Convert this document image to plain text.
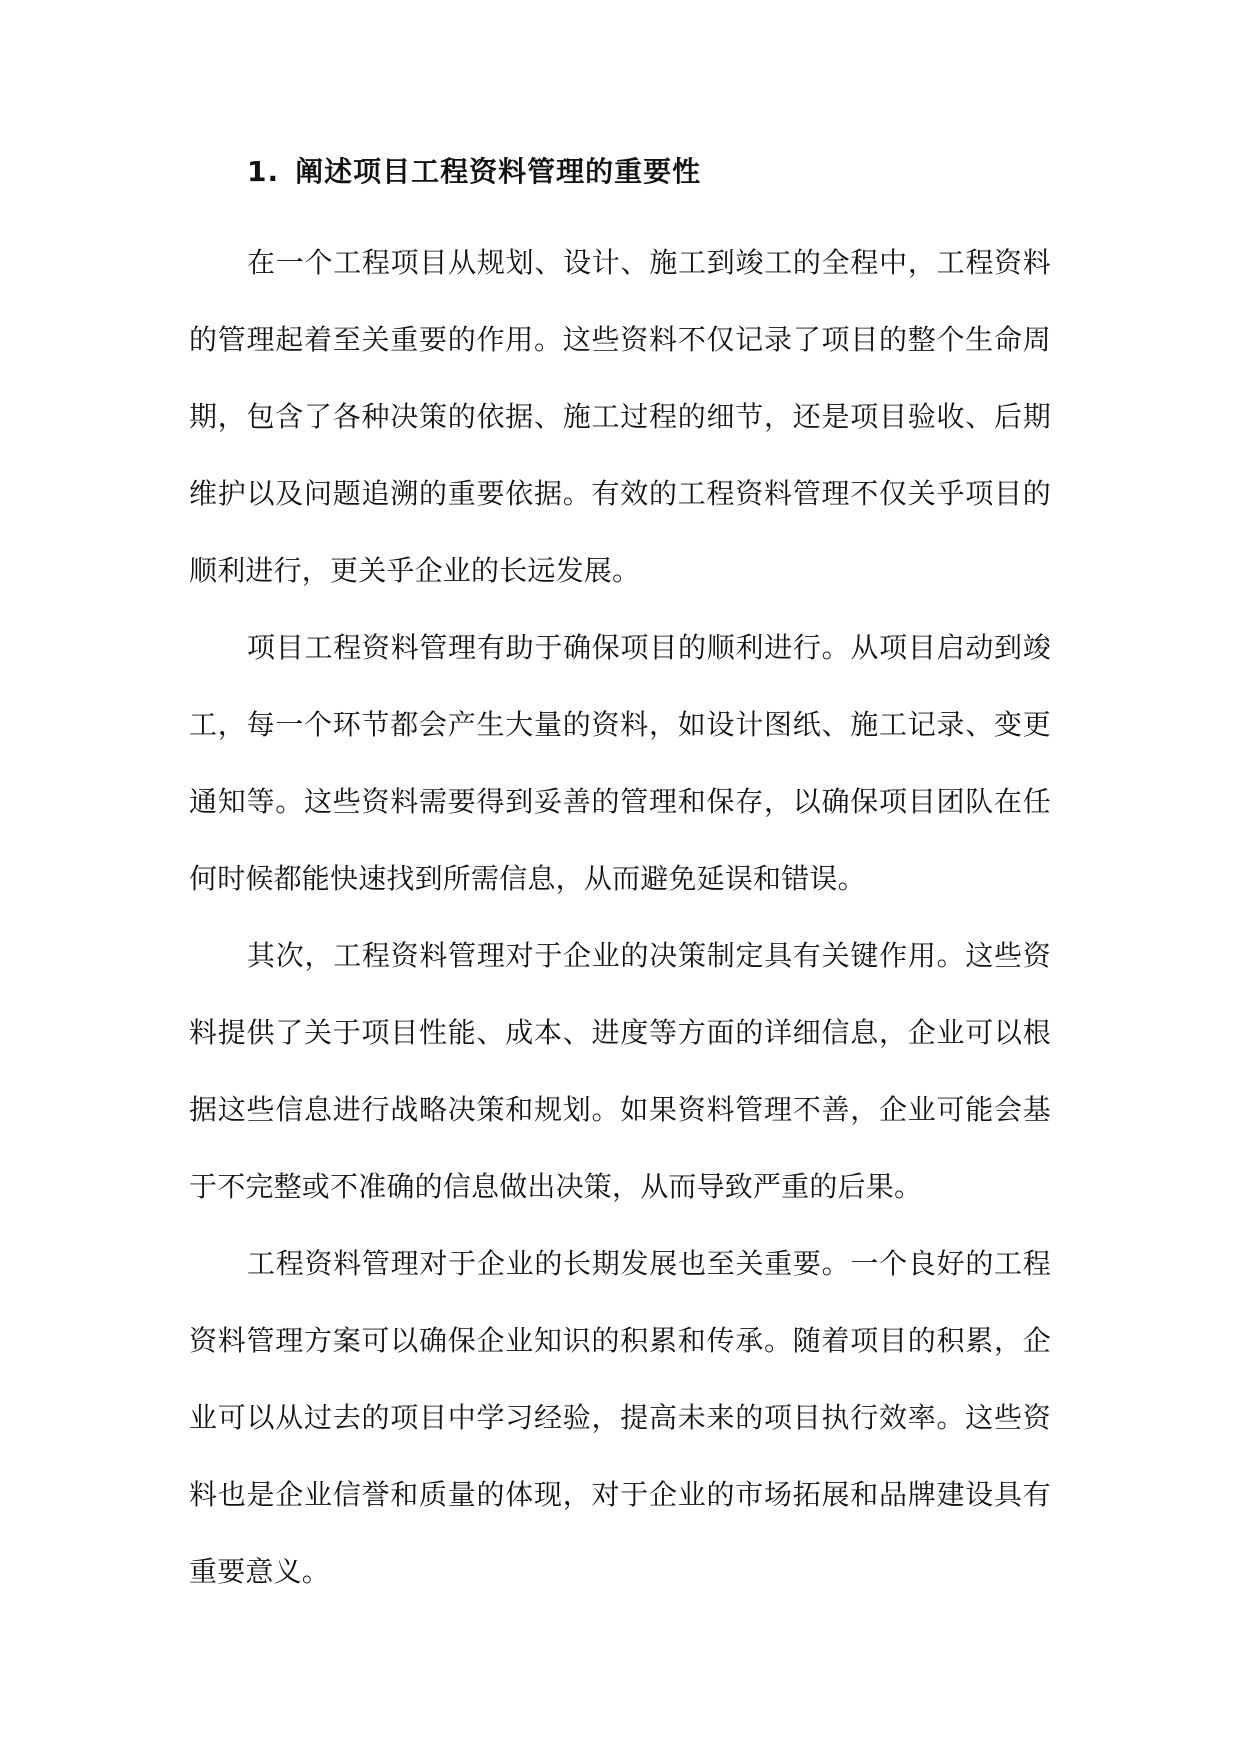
1. 阐述项目工程资料管理的重要性

在一个工程项目从规划、设计、施工到竣工的全程中，工程资料的管理起着至关重要的作用。这些资料不仅记录了项目的整个生命周期，包含了各种决策的依据、施工过程的细节，还是项目验收、后期维护以及问题追溯的重要依据。有效的工程资料管理不仅关乎项目的顺利进行，更关乎企业的长远发展。

项目工程资料管理有助于确保项目的顺利进行。从项目启动到竣工，每一个环节都会产生大量的资料，如设计图纸、施工记录、变更通知等。这些资料需要得到妥善的管理和保存，以确保项目团队在任何时候都能快速找到所需信息，从而避免延误和错误。

其次，工程资料管理对于企业的决策制定具有关键作用。这些资料提供了关于项目性能、成本、进度等方面的详细信息，企业可以根据这些信息进行战略决策和规划。如果资料管理不善，企业可能会基于不完整或不准确的信息做出决策，从而导致严重的后果。

工程资料管理对于企业的长期发展也至关重要。一个良好的工程资料管理方案可以确保企业知识的积累和传承。随着项目的积累，企业可以从过去的项目中学习经验，提高未来的项目执行效率。这些资料也是企业信誉和质量的体现，对于企业的市场拓展和品牌建设具有重要意义。
